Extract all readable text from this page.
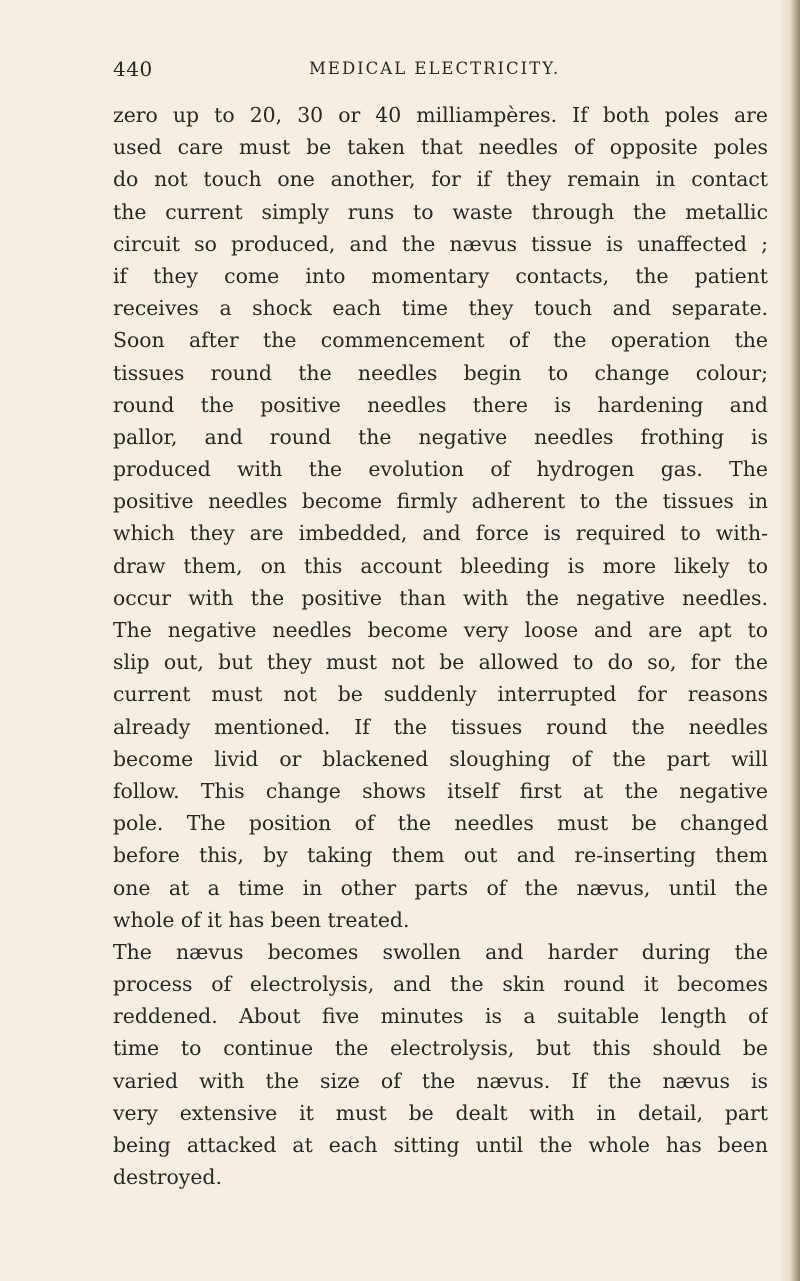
440	MEDICAL ELECTRICITY.
zero up to 20, 30 or 40 milliampères. If both poles are
used care must be taken that needles of opposite poles
do not touch one another, for if they remain in contact
the current simply runs to waste through the metallic
circuit so produced, and the nævus tissue is unaffected ;
if they come into momentary contacts, the patient
receives a shock each time they touch and separate.
Soon after the commencement of the operation the
tissues round the needles begin to change colour;
round the positive needles there is hardening and
pallor, and round the negative needles frothing is
produced with the evolution of hydrogen gas. The
positive needles become firmly adherent to the tissues in
which they are imbedded, and force is required to with-
draw them, on this account bleeding is more likely to
occur with the positive than with the negative needles.
The negative needles become very loose and are apt to
slip out, but they must not be allowed to do so, for the
current must not be suddenly interrupted for reasons
already mentioned. If the tissues round the needles
become livid or blackened sloughing of the part will
follow. This change shows itself first at the negative
pole. The position of the needles must be changed
before this, by taking them out and re-inserting them
one at a time in other parts of the nævus, until the
whole of it has been treated.
The nævus becomes swollen and harder during the
process of electrolysis, and the skin round it becomes
reddened. About five minutes is a suitable length of
time to continue the electrolysis, but this should be
varied with the size of the nævus. If the nævus is
very extensive it must be dealt with in detail, part
being attacked at each sitting until the whole has been
destroyed.
